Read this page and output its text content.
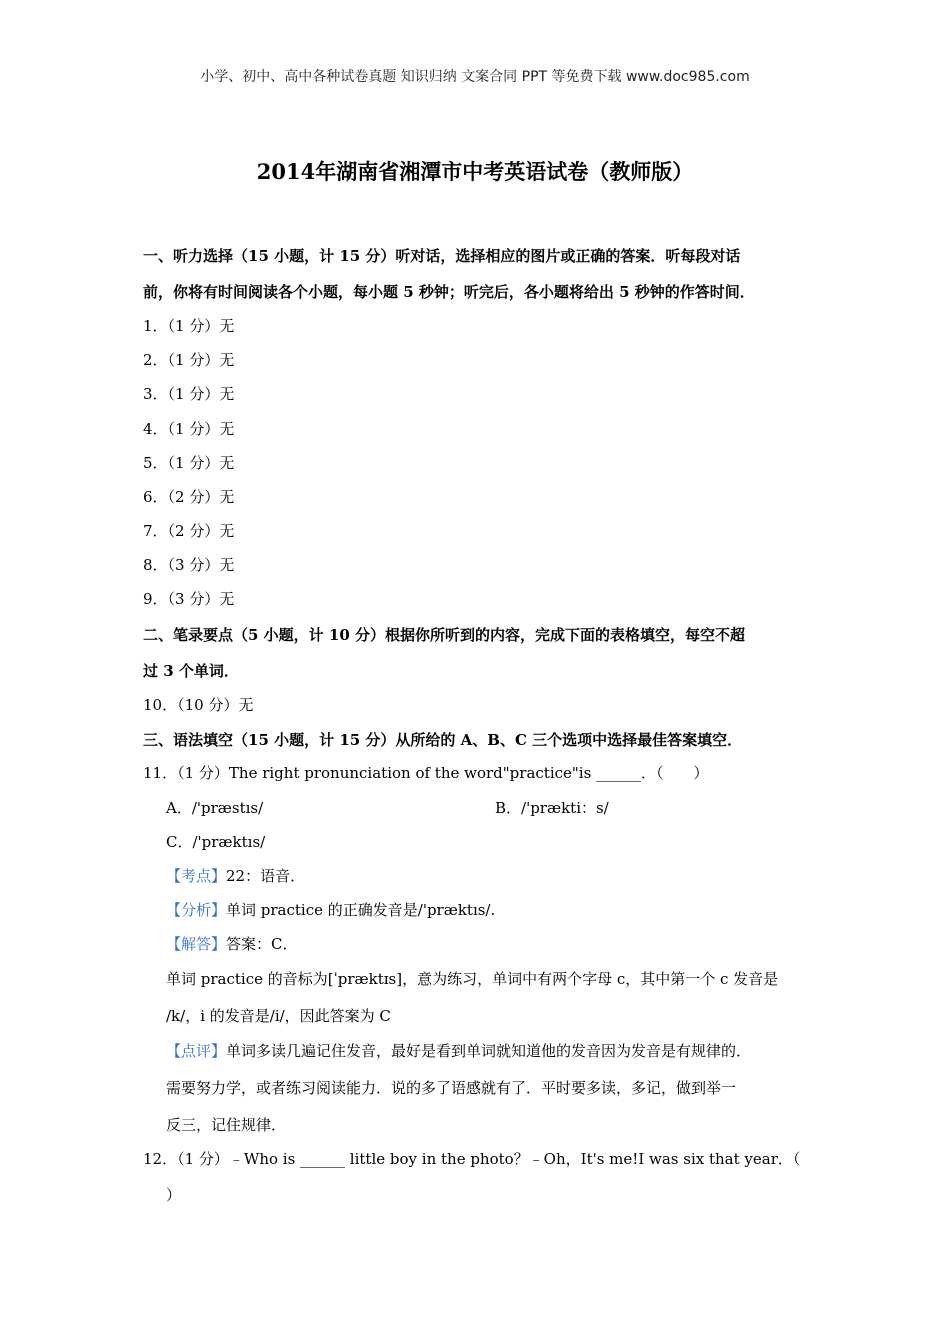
小学、初中、高中各种试卷真题 知识归纳 文案合同 PPT 等免费下载 www.doc985.com
2014年湖南省湘潭市中考英语试卷（教师版）
一、听力选择（15 小题，计 15 分）听对话，选择相应的图片或正确的答案．听每段对话
前，你将有时间阅读各个小题，每小题 5 秒钟；听完后，各小题将给出 5 秒钟的作答时间．
1．（1 分）无
2．（1 分）无
3．（1 分）无
4．（1 分）无
5．（1 分）无
6．（2 分）无
7．（2 分）无
8．（3 分）无
9．（3 分）无
二、笔录要点（5 小题，计 10 分）根据你所听到的内容，完成下面的表格填空，每空不超
过 3 个单词．
10．（10 分）无
三、语法填空（15 小题，计 15 分）从所给的 A、B、C 三个选项中选择最佳答案填空．
11．（1 分）The right pronunciation of the word"practice"is ______．（　　）
A．/'præstıs/	B．/'prækti：s/
C．/'præktıs/
【考点】22：语音．
【分析】单词 practice 的正确发音是/'præktıs/.
【解答】答案：C．
单词 practice 的音标为[ˈpræktɪs]，意为练习，单词中有两个字母 c，其中第一个 c 发音是
/k/，i 的发音是/i/，因此答案为 C
【点评】单词多读几遍记住发音，最好是看到单词就知道他的发音因为发音是有规律的．
需要努力学，或者练习阅读能力．说的多了语感就有了．平时要多读，多记，做到举一
反三，记住规律．
12．（1 分）﹣Who is ______ little boy in the photo？﹣Oh，It's me!I was six that year．（
）
